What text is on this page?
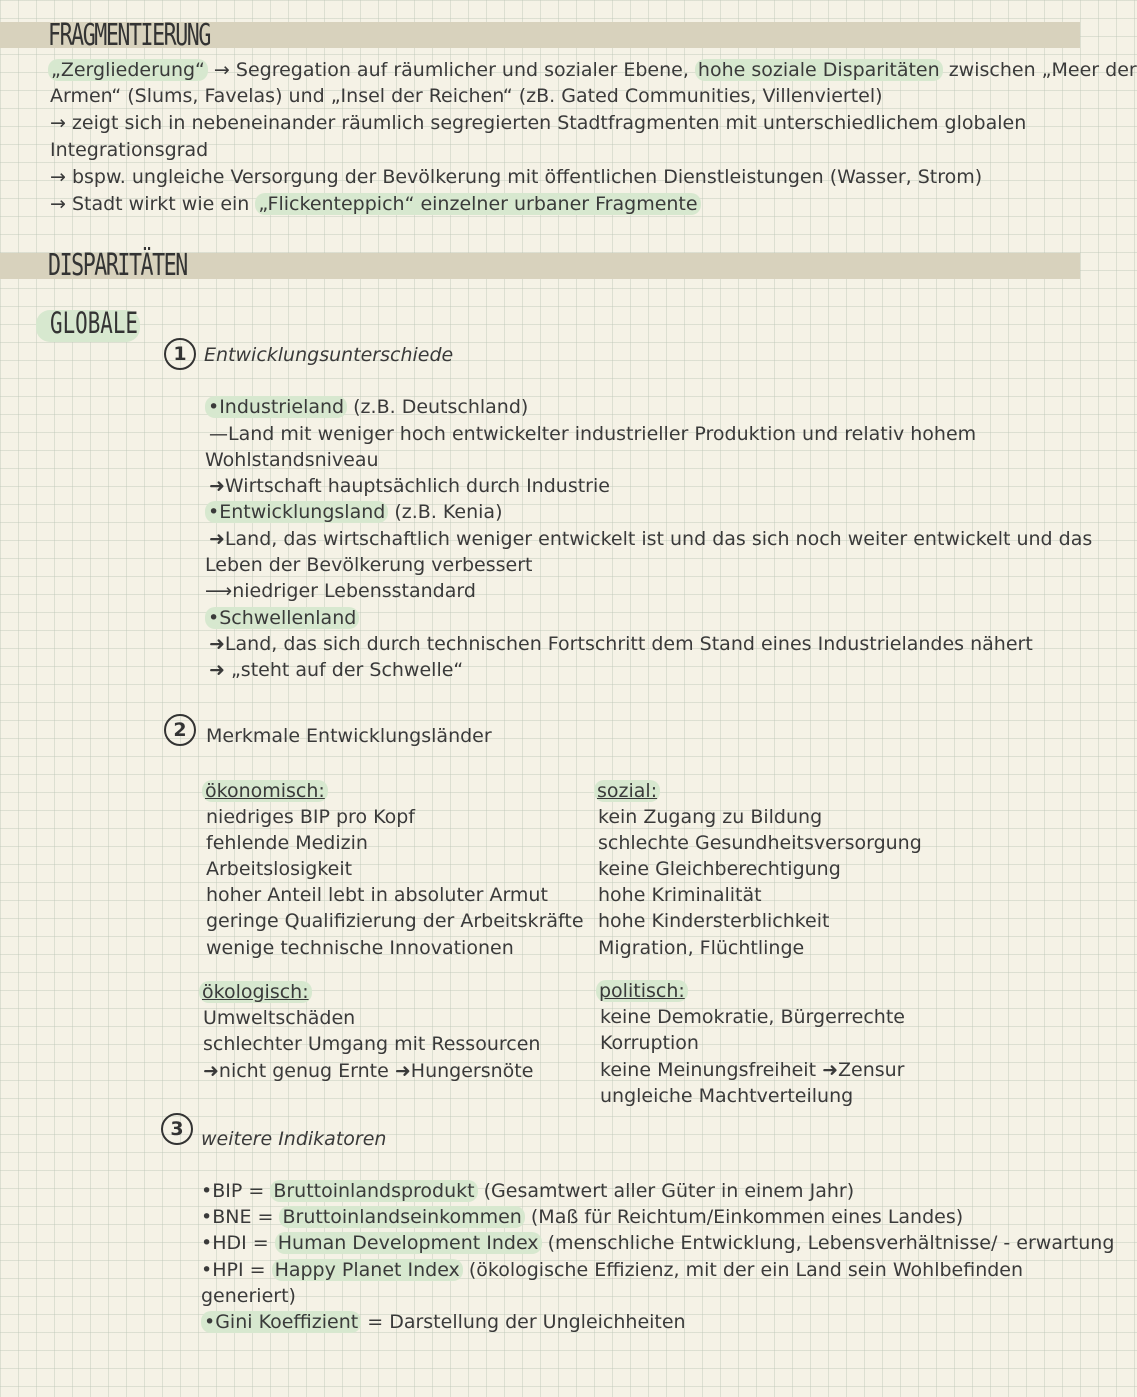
FRAGMENTIERUNG
„Zergliederung“ → Segregation auf räumlicher und sozialer Ebene, hohe soziale Disparitäten zwischen „Meer der
Armen“ (Slums, Favelas) und „Insel der Reichen“ (zB. Gated Communities, Villenviertel)
→ zeigt sich in nebeneinander räumlich segregierten Stadtfragmenten mit unterschiedlichem globalen
Integrationsgrad
→ bspw. ungleiche Versorgung der Bevölkerung mit öffentlichen Dienstleistungen (Wasser, Strom)
→ Stadt wirkt wie ein „Flickenteppich“ einzelner urbaner Fragmente
DISPARITÄTEN
GLOBALE
1 Entwicklungsunterschiede
•Industrieland (z.B. Deutschland)
—Land mit weniger hoch entwickelter industrieller Produktion und relativ hohem
Wohlstandsniveau
➜Wirtschaft hauptsächlich durch Industrie
•Entwicklungsland (z.B. Kenia)
➜Land, das wirtschaftlich weniger entwickelt ist und das sich noch weiter entwickelt und das
Leben der Bevölkerung verbessert
⟶niedriger Lebensstandard
•Schwellenland
➜Land, das sich durch technischen Fortschritt dem Stand eines Industrielandes nähert
➜ „steht auf der Schwelle“
2	Merkmale Entwicklungsländer
ökonomisch:
niedriges BIP pro Kopf
fehlende Medizin
Arbeitslosigkeit
hoher Anteil lebt in absoluter Armut
geringe Qualifizierung der Arbeitskräfte
wenige technische Innovationen
sozial:
kein Zugang zu Bildung
schlechte Gesundheitsversorgung
keine Gleichberechtigung
hohe Kriminalität
hohe Kindersterblichkeit
Migration, Flüchtlinge
ökologisch:
Umweltschäden
schlechter Umgang mit Ressourcen
➜nicht genug Ernte ➜Hungersnöte
politisch:
keine Demokratie, Bürgerrechte
Korruption
keine Meinungsfreiheit ➜Zensur
ungleiche Machtverteilung
3 weitere Indikatoren
•BIP = Bruttoinlandsprodukt (Gesamtwert aller Güter in einem Jahr)
•BNE = Bruttoinlandseinkommen (Maß für Reichtum/Einkommen eines Landes)
•HDI = Human Development Index (menschliche Entwicklung, Lebensverhältnisse/ - erwartung
•HPI = Happy Planet Index (ökologische Effizienz, mit der ein Land sein Wohlbefinden
generiert)
•Gini Koeffizient = Darstellung der Ungleichheiten
